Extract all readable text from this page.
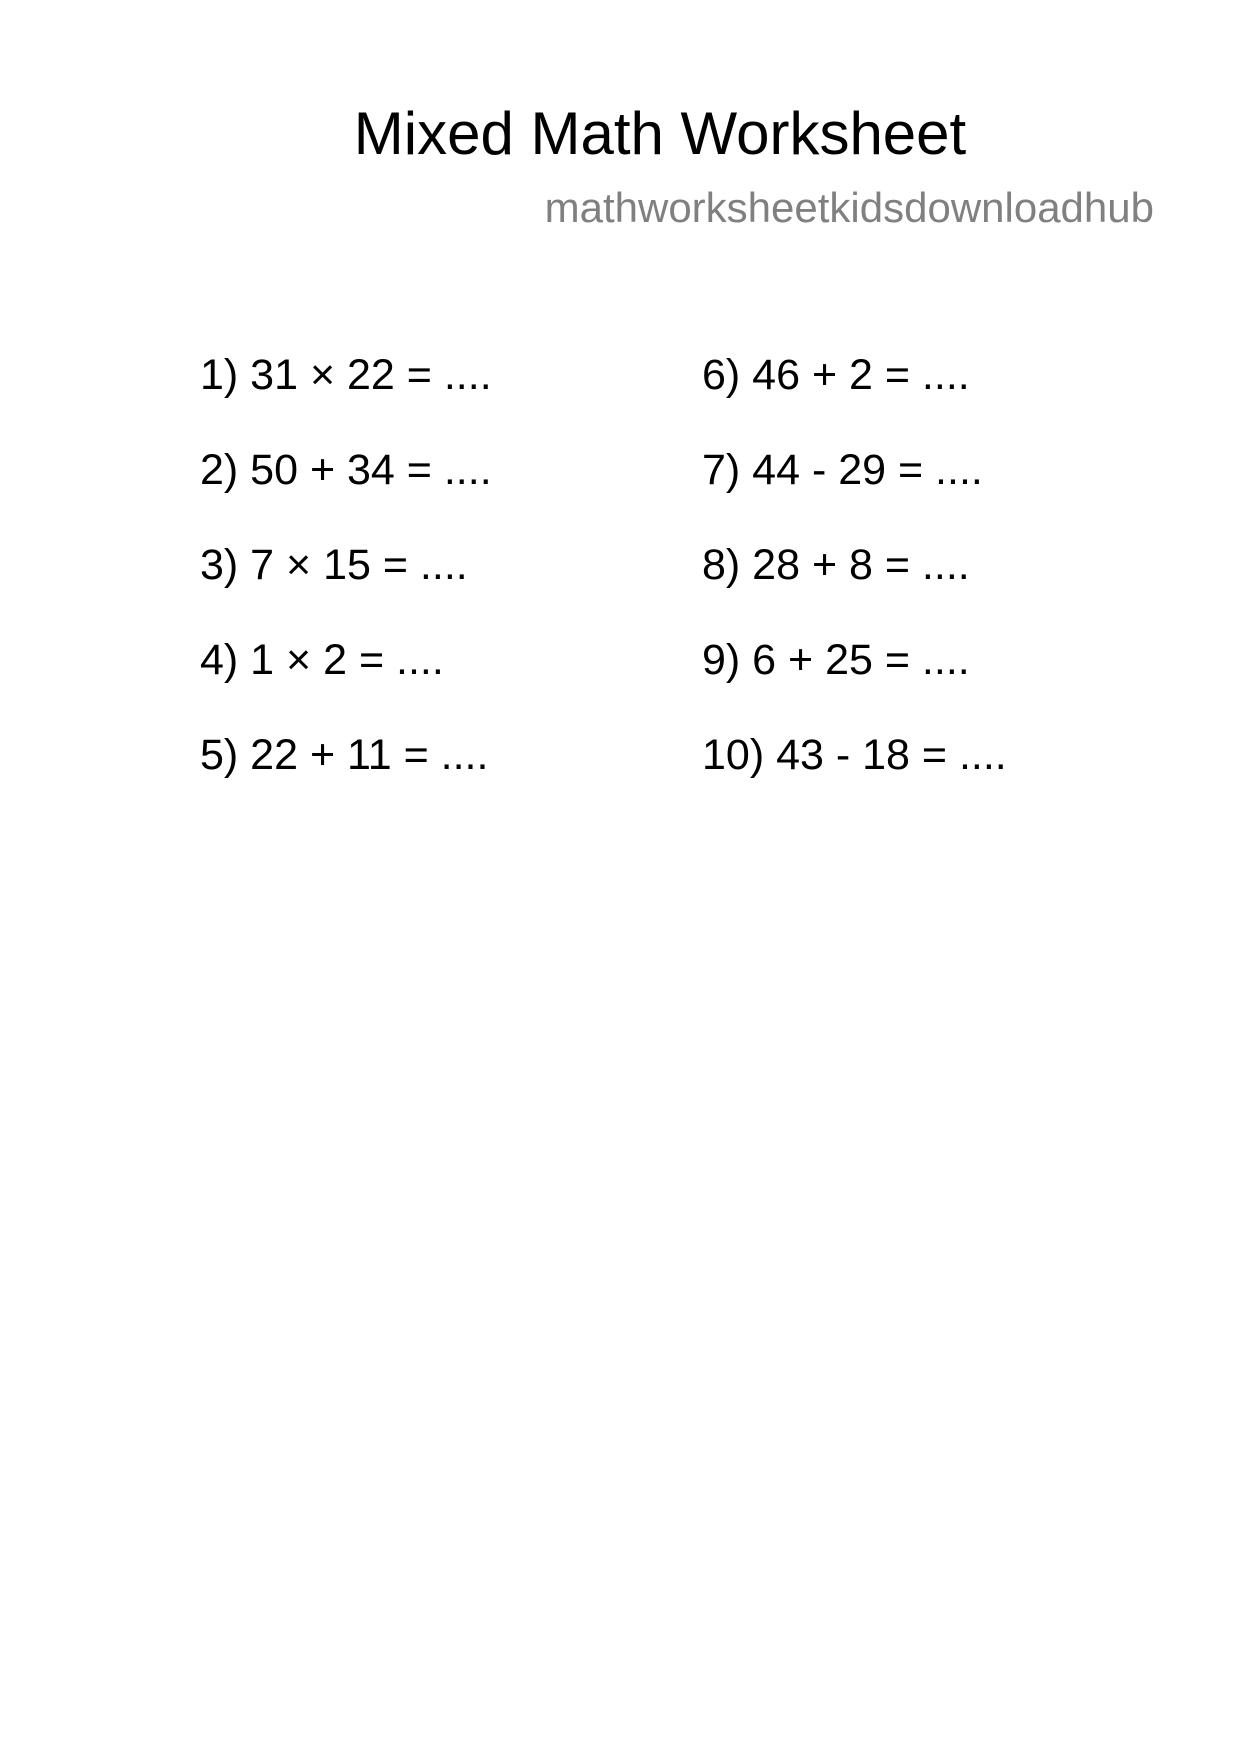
Mixed Math Worksheet
mathworksheetkidsdownloadhub
1) 31 × 22 = ....
2) 50 + 34 = ....
3) 7 × 15 = ....
4) 1 × 2 = ....
5) 22 + 11 = ....
6) 46 + 2 = ....
7) 44 - 29 = ....
8) 28 + 8 = ....
9) 6 + 25 = ....
10) 43 - 18 = ....
